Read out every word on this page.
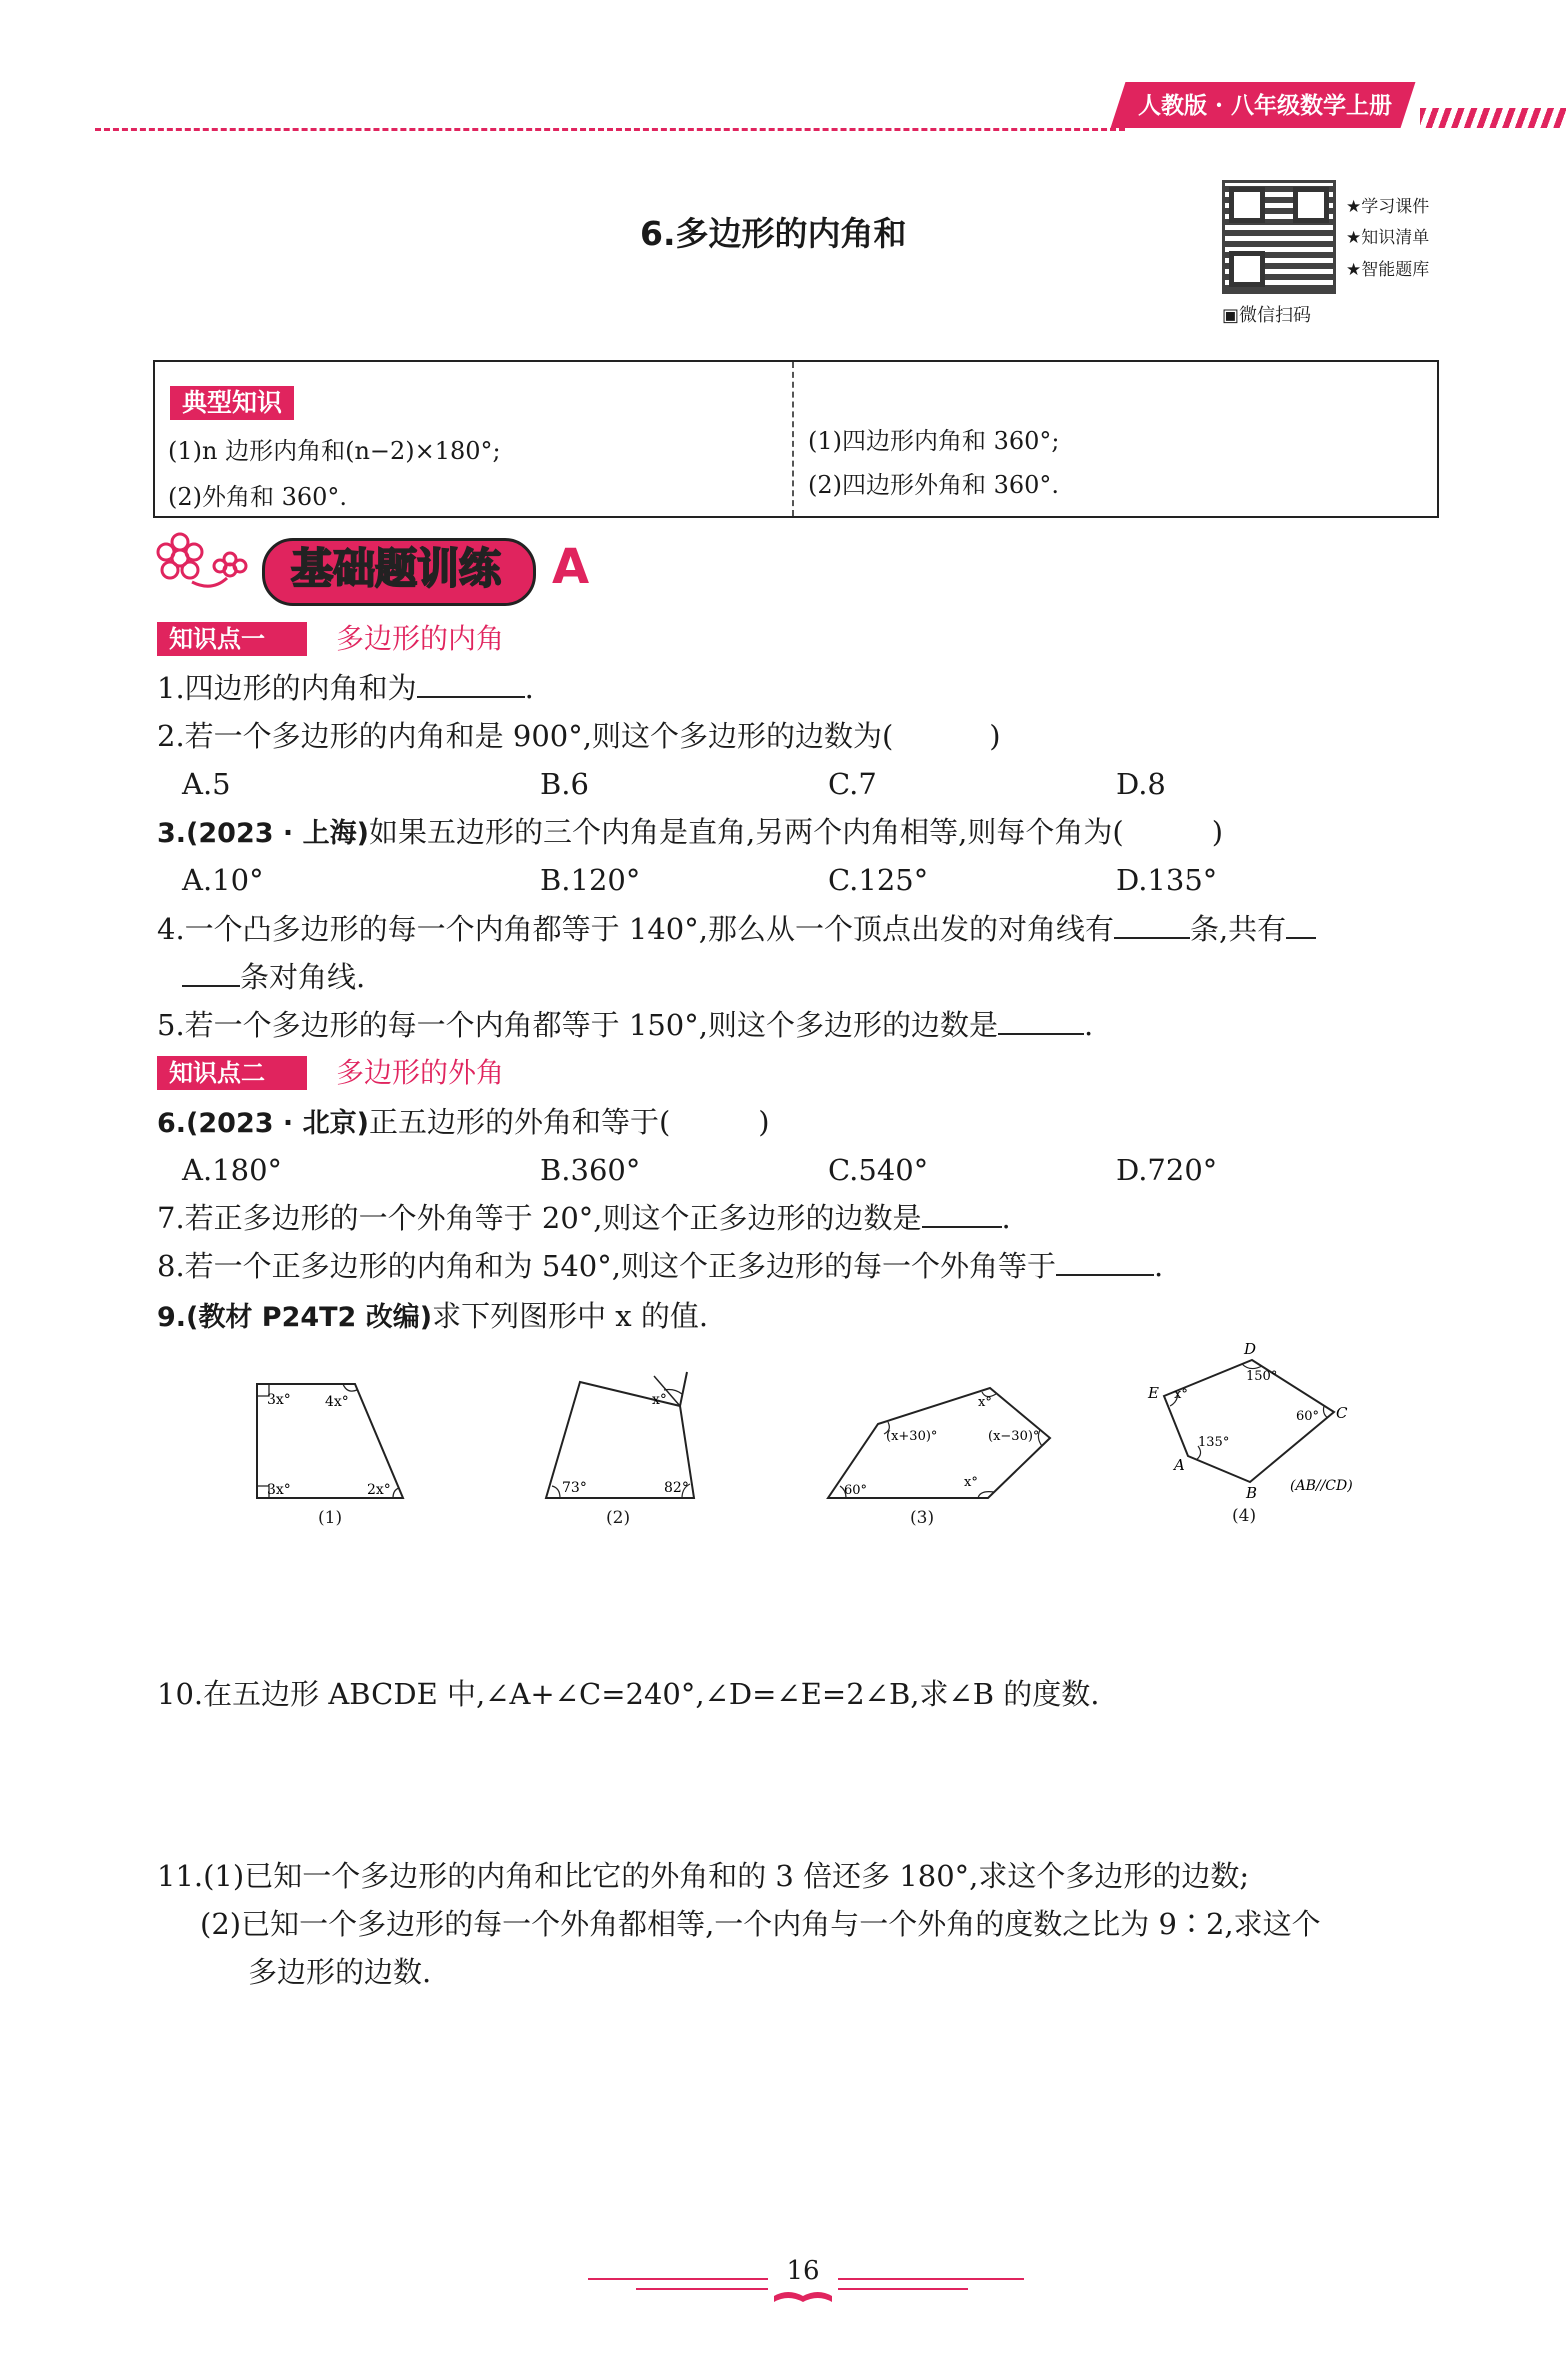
人教版 · 八年级数学上册
6.多边形的内角和
★学习课件
★知识清单
★智能题库
▣微信扫码
典型知识
(1)n 边形内角和(n−2)×180°;
(2)外角和 360°.
(1)四边形内角和 360°;
(2)四边形外角和 360°.
基础题训练	A
知识点一	多边形的内角
1.四边形的内角和为	.
2.若一个多边形的内角和是 900°,则这个多边形的边数为(	)
A.5	B.6	C.7	D.8
3.(2023 · 上海)如果五边形的三个内角是直角,另两个内角相等,则每个角为(	)
A.10°	B.120°	C.125°	D.135°
4.一个凸多边形的每一个内角都等于 140°,那么从一个顶点出发的对角线有	条,共有
条对角线.
5.若一个多边形的每一个内角都等于 150°,则这个多边形的边数是	.
知识点二	多边形的外角
6.(2023 · 北京)正五边形的外角和等于(	)
A.180°	B.360°	C.540°	D.720°
7.若正多边形的一个外角等于 20°,则这个正多边形的边数是	.
8.若一个正多边形的内角和为 540°,则这个正多边形的每一个外角等于	.
9.(教材 P24T2 改编)求下列图形中 x 的值.
3x° 4x°
3x°	2x°
(1)
x°
73°	82°
(2)
(x+30)°
x°
(x−30)°
60°
x°
(3)
D
E
C
A
B
150°
x°
60°
135°
(AB//CD)
(4)
10.在五边形 ABCDE 中,∠A+∠C=240°,∠D=∠E=2∠B,求∠B 的度数.
11.(1)已知一个多边形的内角和比它的外角和的 3 倍还多 180°,求这个多边形的边数;
(2)已知一个多边形的每一个外角都相等,一个内角与一个外角的度数之比为 9∶2,求这个
多边形的边数.
16
